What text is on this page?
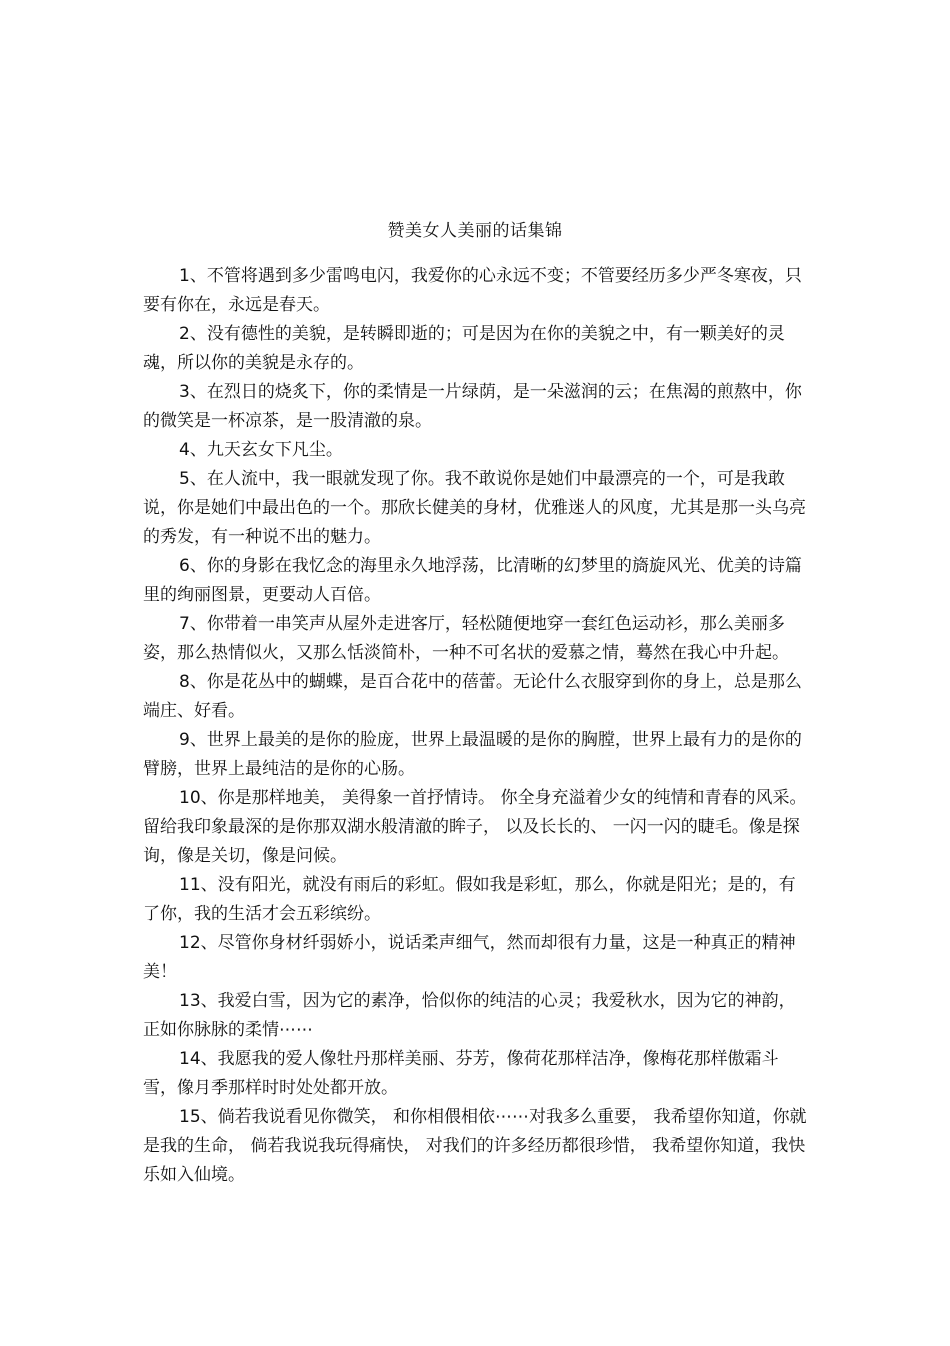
赞美女人美丽的话集锦

1、不管将遇到多少雷鸣电闪，我爱你的心永远不变；不管要经历多少严冬寒夜，只要有你在，永远是春天。

2、没有德性的美貌，是转瞬即逝的；可是因为在你的美貌之中，有一颗美好的灵魂，所以你的美貌是永存的。

3、在烈日的烧炙下，你的柔情是一片绿荫，是一朵滋润的云；在焦渴的煎熬中，你的微笑是一杯凉茶，是一股清澈的泉。

4、九天玄女下凡尘。

5、在人流中，我一眼就发现了你。我不敢说你是她们中最漂亮的一个，可是我敢说，你是她们中最出色的一个。那欣长健美的身材，优雅迷人的风度，尤其是那一头乌亮的秀发，有一种说不出的魅力。

6、你的身影在我忆念的海里永久地浮荡，比清晰的幻梦里的旖旋风光、优美的诗篇里的绚丽图景，更要动人百倍。

7、你带着一串笑声从屋外走进客厅，轻松随便地穿一套红色运动衫，那么美丽多姿，那么热情似火，又那么恬淡简朴，一种不可名状的爱慕之情，蓦然在我心中升起。

8、你是花丛中的蝴蝶，是百合花中的蓓蕾。无论什么衣服穿到你的身上，总是那么端庄、好看。

9、世界上最美的是你的脸庞，世界上最温暖的是你的胸膛，世界上最有力的是你的臂膀，世界上最纯洁的是你的心肠。

10、你是那样地美， 美得象一首抒情诗。 你全身充溢着少女的纯情和青春的风采。留给我印象最深的是你那双湖水般清澈的眸子， 以及长长的、 一闪一闪的睫毛。像是探询，像是关切，像是问候。

11、没有阳光，就没有雨后的彩虹。假如我是彩虹，那么，你就是阳光；是的，有了你，我的生活才会五彩缤纷。

12、尽管你身材纤弱娇小，说话柔声细气，然而却很有力量，这是一种真正的精神美！

13、我爱白雪，因为它的素净，恰似你的纯洁的心灵；我爱秋水，因为它的神韵，正如你脉脉的柔情⋯⋯

14、我愿我的爱人像牡丹那样美丽、芬芳，像荷花那样洁净，像梅花那样傲霜斗雪，像月季那样时时处处都开放。

15、倘若我说看见你微笑， 和你相偎相依⋯⋯对我多么重要， 我希望你知道，你就是我的生命， 倘若我说我玩得痛快， 对我们的许多经历都很珍惜， 我希望你知道，我快乐如入仙境。
